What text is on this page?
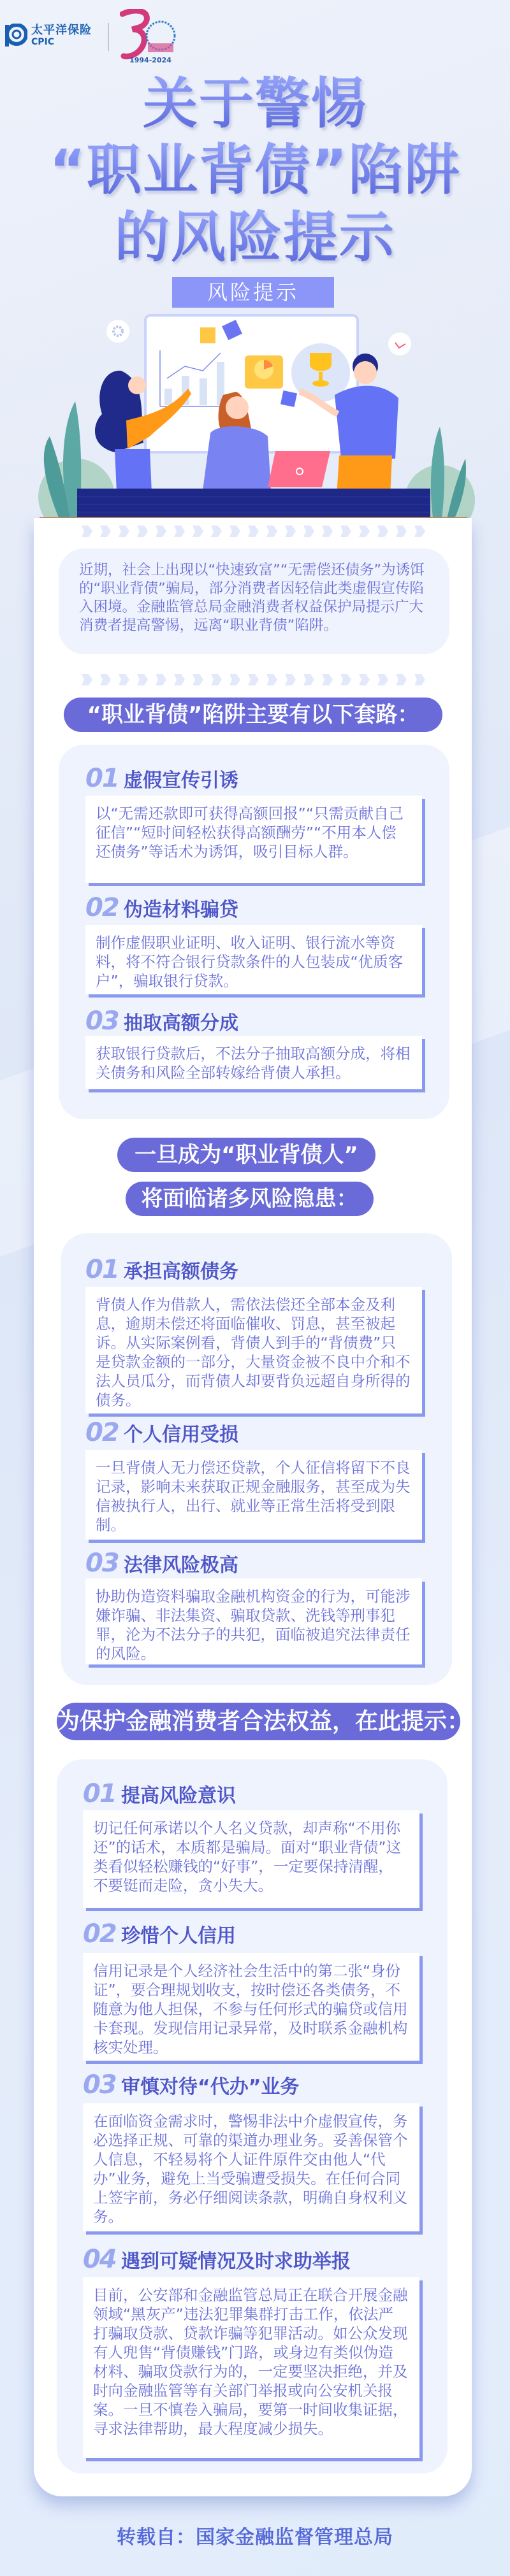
太平洋保险
CPIC
1994-2024
关于警惕
“职业背债”陷阱
的风险提示
风险提示
近期，社会上出现以“快速致富”“无需偿还债务”为诱饵的“职业背债”骗局，部分消费者因轻信此类虚假宣传陷入困境。金融监管总局金融消费者权益保护局提示广大消费者提高警惕，远离“职业背债”陷阱。
“职业背债”陷阱主要有以下套路：
01 虚假宣传引诱
以“无需还款即可获得高额回报”“只需贡献自己征信”“短时间轻松获得高额酬劳”“不用本人偿还债务”等话术为诱饵，吸引目标人群。
02 伪造材料骗贷
制作虚假职业证明、收入证明、银行流水等资料，将不符合银行贷款条件的人包装成“优质客户”，骗取银行贷款。
03 抽取高额分成
获取银行贷款后，不法分子抽取高额分成，将相关债务和风险全部转嫁给背债人承担。
一旦成为“职业背债人”
将面临诸多风险隐患：
01 承担高额债务
背债人作为借款人，需依法偿还全部本金及利息，逾期未偿还将面临催收、罚息，甚至被起诉。从实际案例看，背债人到手的“背债费”只是贷款金额的一部分，大量资金被不良中介和不法人员瓜分，而背债人却要背负远超自身所得的债务。
02 个人信用受损
一旦背债人无力偿还贷款，个人征信将留下不良记录，影响未来获取正规金融服务，甚至成为失信被执行人，出行、就业等正常生活将受到限制。
03 法律风险极高
协助伪造资料骗取金融机构资金的行为，可能涉嫌诈骗、非法集资、骗取贷款、洗钱等刑事犯罪，沦为不法分子的共犯，面临被追究法律责任的风险。
为保护金融消费者合法权益，在此提示：
01 提高风险意识
切记任何承诺以个人名义贷款，却声称“不用你还”的话术，本质都是骗局。面对“职业背债”这类看似轻松赚钱的“好事”，一定要保持清醒，不要铤而走险，贪小失大。
02 珍惜个人信用
信用记录是个人经济社会生活中的第二张“身份证”，要合理规划收支，按时偿还各类债务，不随意为他人担保，不参与任何形式的骗贷或信用卡套现。发现信用记录异常，及时联系金融机构核实处理。
03 审慎对待“代办”业务
在面临资金需求时，警惕非法中介虚假宣传，务必选择正规、可靠的渠道办理业务。妥善保管个人信息，不轻易将个人证件原件交由他人“代办”业务，避免上当受骗遭受损失。在任何合同上签字前，务必仔细阅读条款，明确自身权利义务。
04 遇到可疑情况及时求助举报
目前，公安部和金融监管总局正在联合开展金融领域“黑灰产”违法犯罪集群打击工作，依法严打骗取贷款、贷款诈骗等犯罪活动。如公众发现有人兜售“背债赚钱”门路，或身边有类似伪造材料、骗取贷款行为的，一定要坚决拒绝，并及时向金融监管等有关部门举报或向公安机关报案。一旦不慎卷入骗局，要第一时间收集证据，寻求法律帮助，最大程度减少损失。
转载自：国家金融监督管理总局
